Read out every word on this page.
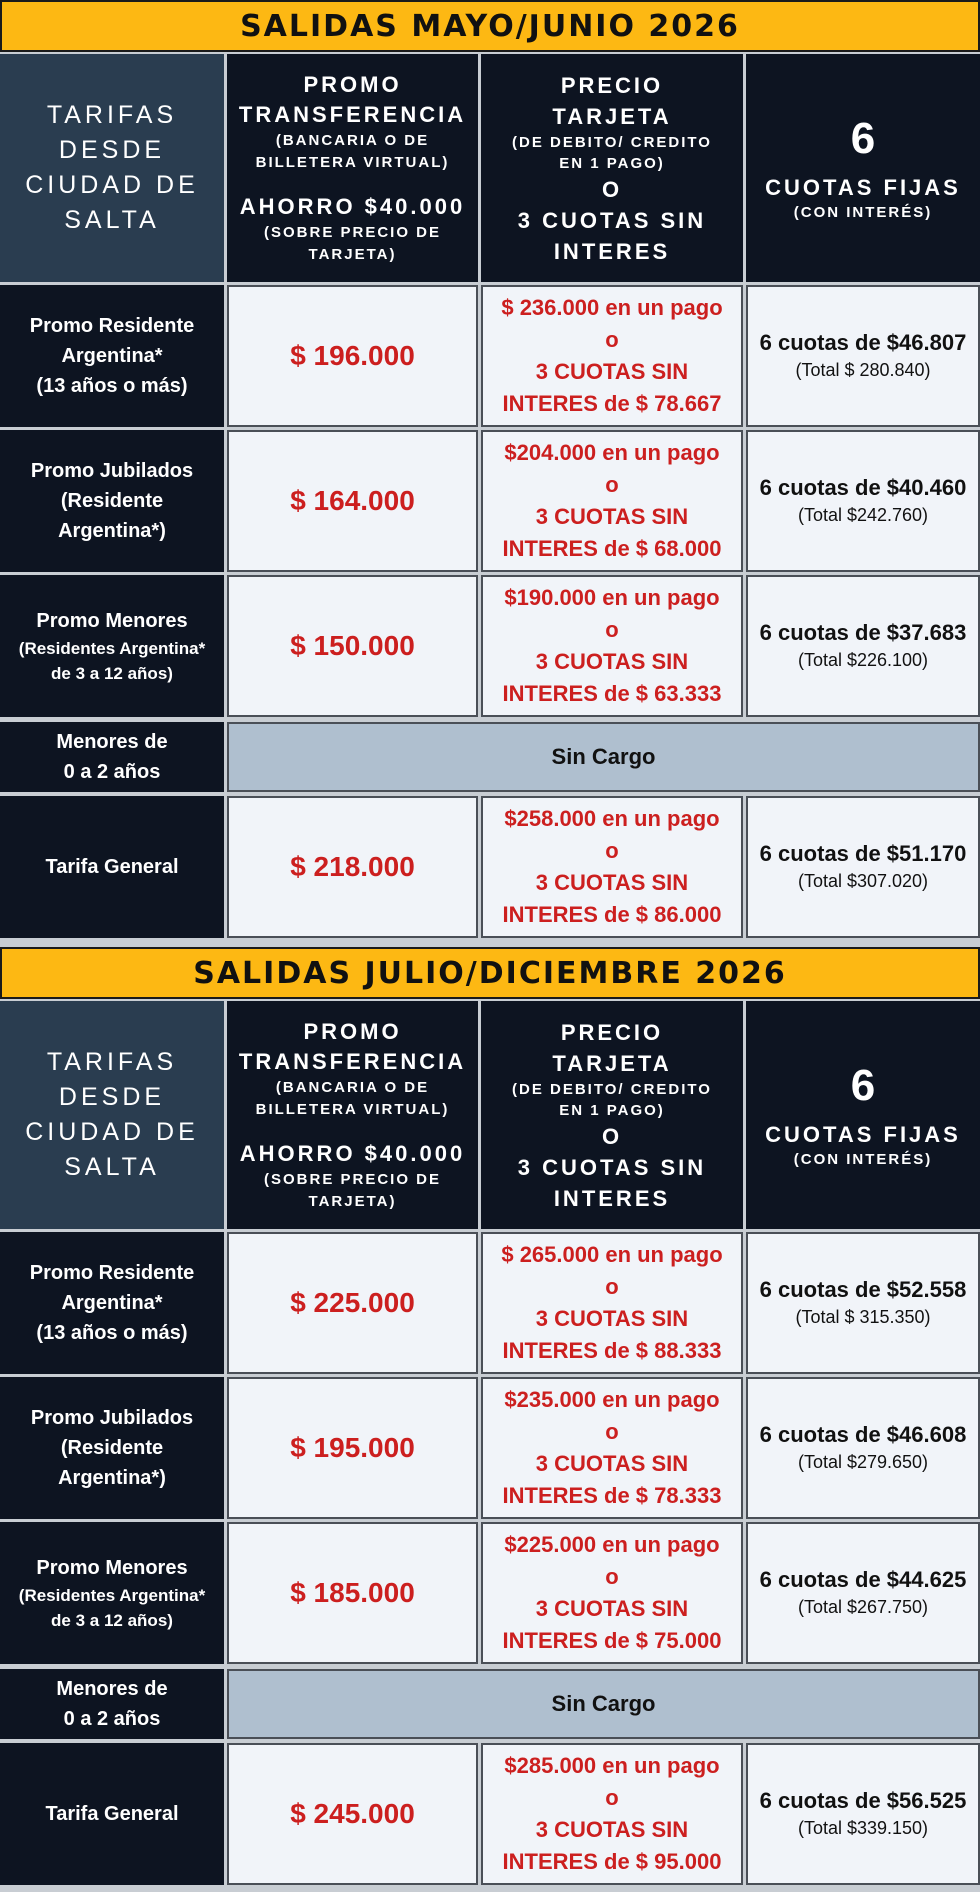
SALIDAS MAYO/JUNIO 2026
TARIFAS
DESDE
CIUDAD DE
SALTA
PROMO
TRANSFERENCIA
(BANCARIA O DE
BILLETERA VIRTUAL)
AHORRO $40.000
(SOBRE PRECIO DE
TARJETA)
PRECIO
TARJETA
(DE DEBITO/ CREDITO
EN 1 PAGO)
O
3 CUOTAS SIN
INTERES
6
CUOTAS FIJAS
(CON INTERÉS)
Promo Residente
Argentina*
(13 años o más)
$ 196.000
$ 236.000 en un pago
o
3 CUOTAS SIN
INTERES de $ 78.667
6 cuotas de $46.807
(Total $ 280.840)
Promo Jubilados
(Residente
Argentina*)
$ 164.000
$204.000 en un pago
o
3 CUOTAS SIN
INTERES de $ 68.000
6 cuotas de $40.460
(Total $242.760)
Promo Menores
(Residentes Argentina*
de 3 a 12 años)
$ 150.000
$190.000 en un pago
o
3 CUOTAS SIN
INTERES de $ 63.333
6 cuotas de $37.683
(Total $226.100)
Menores de
0 a 2 años
Sin Cargo
Tarifa General	$ 218.000
$258.000 en un pago
o
3 CUOTAS SIN
INTERES de $ 86.000
6 cuotas de $51.170
(Total $307.020)
SALIDAS JULIO/DICIEMBRE 2026
TARIFAS
DESDE
CIUDAD DE
SALTA
PROMO
TRANSFERENCIA
(BANCARIA O DE
BILLETERA VIRTUAL)
AHORRO $40.000
(SOBRE PRECIO DE
TARJETA)
PRECIO
TARJETA
(DE DEBITO/ CREDITO
EN 1 PAGO)
O
3 CUOTAS SIN
INTERES
6
CUOTAS FIJAS
(CON INTERÉS)
Promo Residente
Argentina*
(13 años o más)
$ 225.000
$ 265.000 en un pago
o
3 CUOTAS SIN
INTERES de $ 88.333
6 cuotas de $52.558
(Total $ 315.350)
Promo Jubilados
(Residente
Argentina*)
$ 195.000
$235.000 en un pago
o
3 CUOTAS SIN
INTERES de $ 78.333
6 cuotas de $46.608
(Total $279.650)
Promo Menores
(Residentes Argentina*
de 3 a 12 años)
$ 185.000
$225.000 en un pago
o
3 CUOTAS SIN
INTERES de $ 75.000
6 cuotas de $44.625
(Total $267.750)
Menores de
0 a 2 años
Sin Cargo
Tarifa General	$ 245.000
$285.000 en un pago
o
3 CUOTAS SIN
INTERES de $ 95.000
6 cuotas de $56.525
(Total $339.150)
